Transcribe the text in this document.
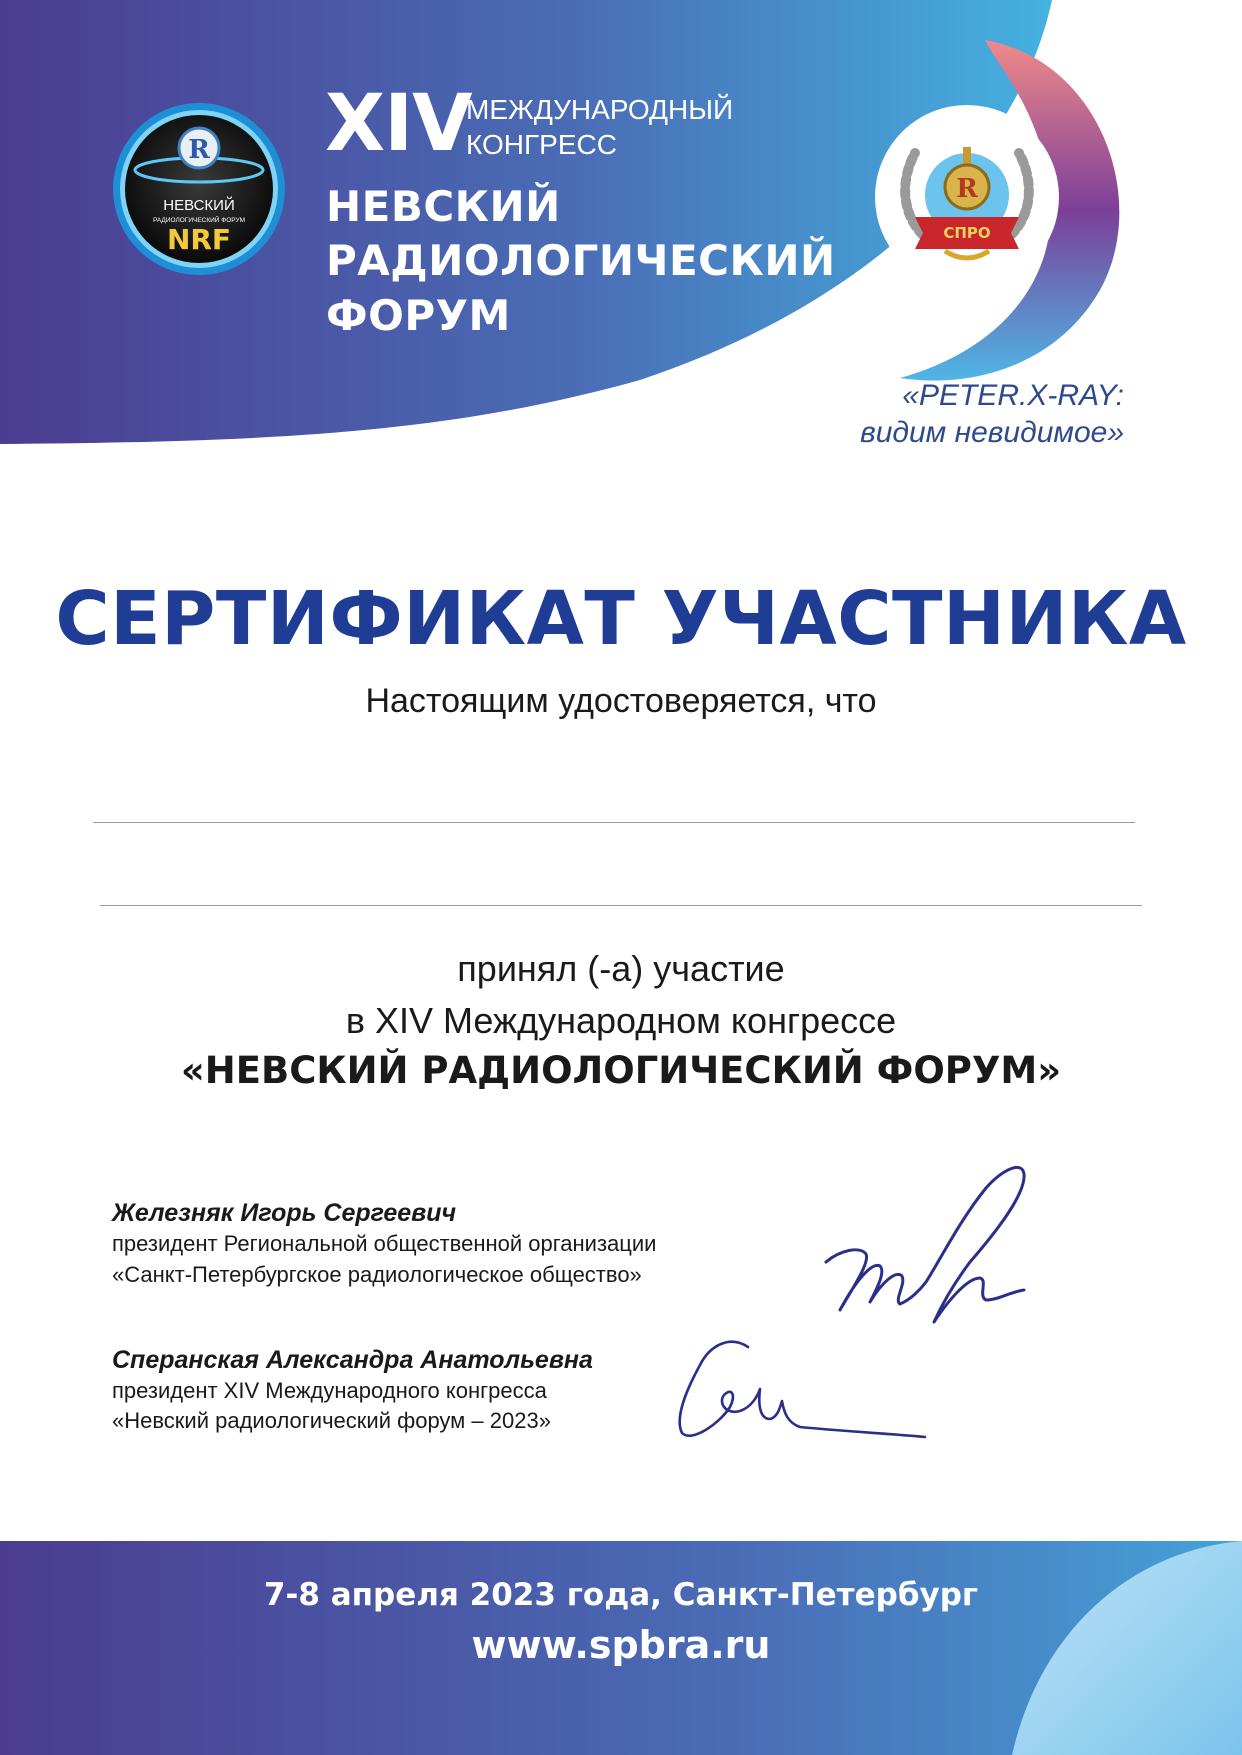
R
НЕВСКИЙ
РАДИОЛОГИЧЕСКИЙ ФОРУМ
NRF
XIV
МЕЖДУНАРОДНЫЙ
КОНГРЕСС
НЕВСКИЙ
РАДИОЛОГИЧЕСКИЙ
ФОРУМ
R
СПРО
«PETER.X-RAY:
видим невидимое»
СЕРТИФИКАТ УЧАСТНИКА
Настоящим удостоверяется, что
принял (-а) участие
в XIV Международном конгрессе
«НЕВСКИЙ РАДИОЛОГИЧЕСКИЙ ФОРУМ»
Железняк Игорь Сергеевич
президент Региональной общественной организации
«Санкт-Петербургское радиологическое общество»
Сперанская Александра Анатольевна
президент XIV Международного конгресса
«Невский радиологический форум – 2023»
7-8 апреля 2023 года, Санкт-Петербург
www.spbra.ru
